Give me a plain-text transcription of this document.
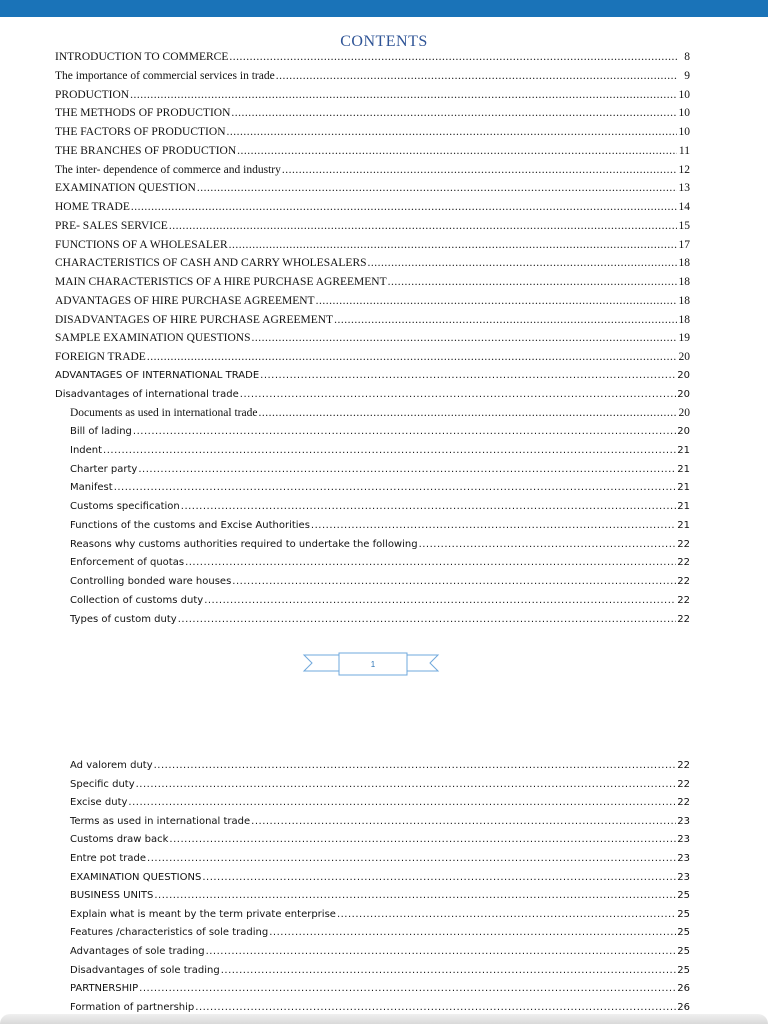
CONTENTS
INTRODUCTION TO COMMERCE .....	8
The importance of commercial services in trade .....	9
PRODUCTION .....	10
THE METHODS OF PRODUCTION .....	10
THE FACTORS OF PRODUCTION .....	10
THE BRANCHES OF PRODUCTION .....	11
The inter- dependence of commerce and industry .....	12
EXAMINATION QUESTION .....	13
HOME TRADE .....	14
PRE- SALES SERVICE .....	15
FUNCTIONS OF A WHOLESALER .....	17
CHARACTERISTICS OF CASH AND CARRY WHOLESALERS .....	18
MAIN CHARACTERISTICS OF A HIRE PURCHASE AGREEMENT .....	18
ADVANTAGES OF HIRE PURCHASE AGREEMENT .....	18
DISADVANTAGES OF HIRE PURCHASE AGREEMENT .....	18
SAMPLE EXAMINATION QUESTIONS .....	19
FOREIGN TRADE .....	20
ADVANTAGES OF INTERNATIONAL TRADE .....	20
Disadvantages of international trade .....	20
Documents as used in international trade .....	20
Bill of lading .....	20
Indent .....	21
Charter party .....	21
Manifest .....	21
Customs specification .....	21
Functions of the customs and Excise Authorities .....	21
Reasons why customs authorities required to undertake the following .....	22
Enforcement of quotas .....	22
Controlling bonded ware houses .....	22
Collection of customs duty .....	22
Types of custom duty .....	22
Ad valorem duty .....	22
Specific duty .....	22
Excise duty .....	22
Terms as used in international trade .....	23
Customs draw back .....	23
Entre pot trade .....	23
EXAMINATION QUESTIONS .....	23
BUSINESS UNITS .....	25
Explain what is meant by the term private enterprise .....	25
Features /characteristics of sole trading .....	25
Advantages of sole trading .....	25
Disadvantages of sole trading .....	25
PARTNERSHIP .....	26
Formation of partnership .....	26
1
